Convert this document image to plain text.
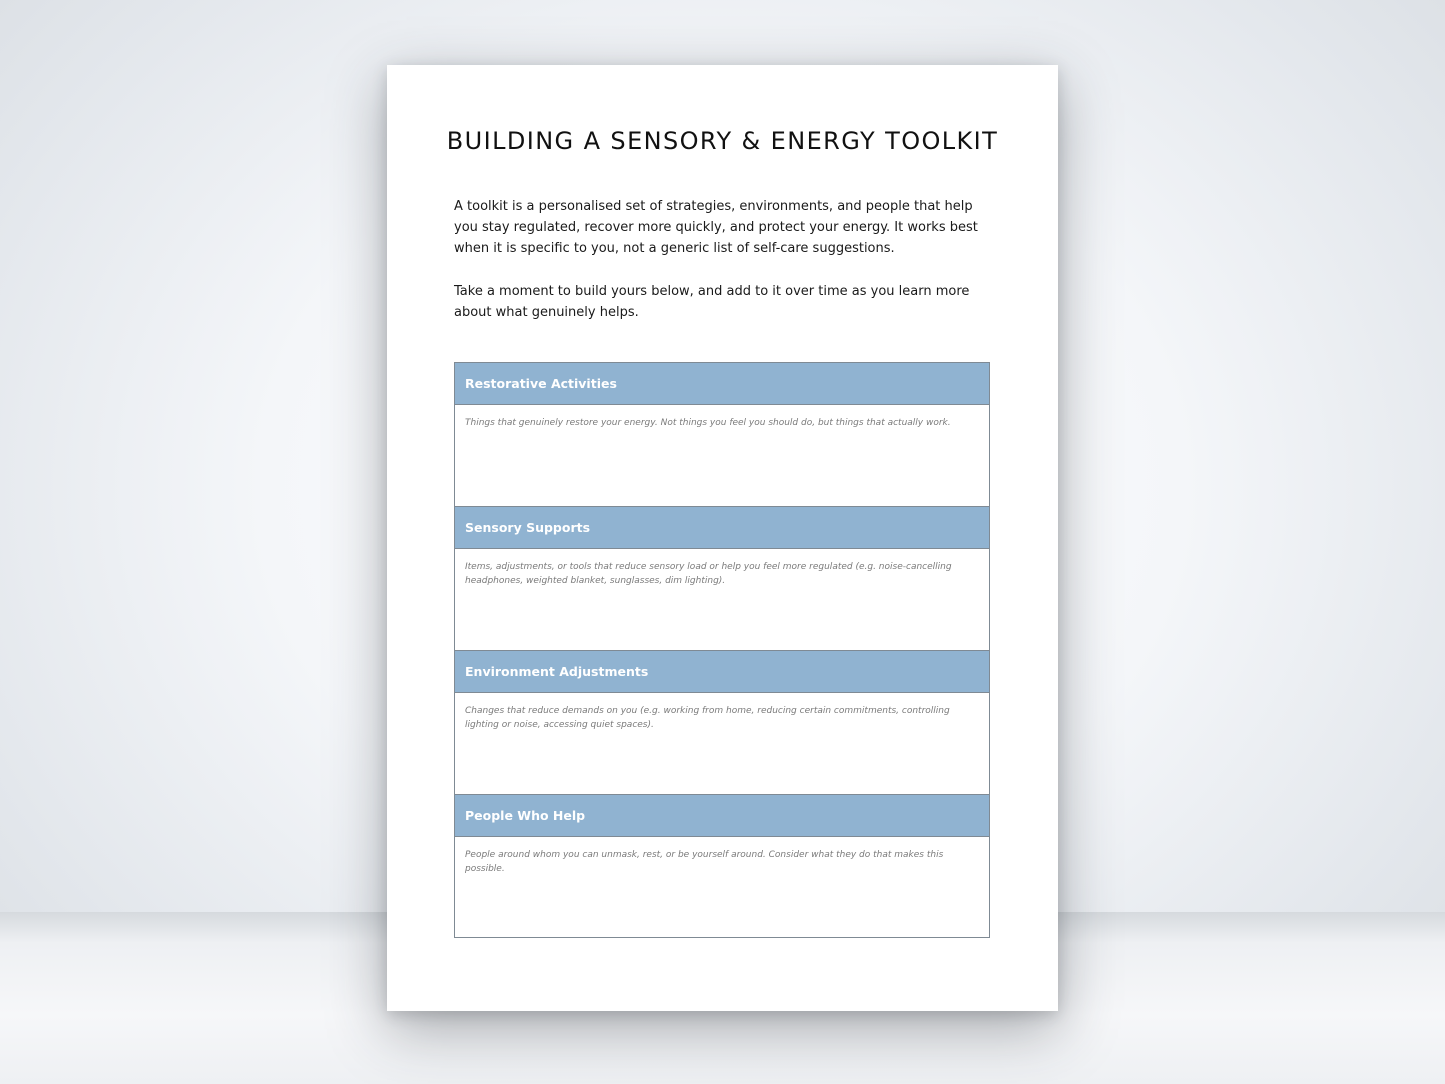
BUILDING A SENSORY & ENERGY TOOLKIT

A toolkit is a personalised set of strategies, environments, and people that help you stay regulated, recover more quickly, and protect your energy. It works best when it is specific to you, not a generic list of self-care suggestions.

Take a moment to build yours below, and add to it over time as you learn more about what genuinely helps.

Restorative Activities
Things that genuinely restore your energy. Not things you feel you should do, but things that actually work.
Sensory Supports
Items, adjustments, or tools that reduce sensory load or help you feel more regulated (e.g. noise-cancelling headphones, weighted blanket, sunglasses, dim lighting).
Environment Adjustments
Changes that reduce demands on you (e.g. working from home, reducing certain commitments, controlling lighting or noise, accessing quiet spaces).
People Who Help
People around whom you can unmask, rest, or be yourself around. Consider what they do that makes this possible.
